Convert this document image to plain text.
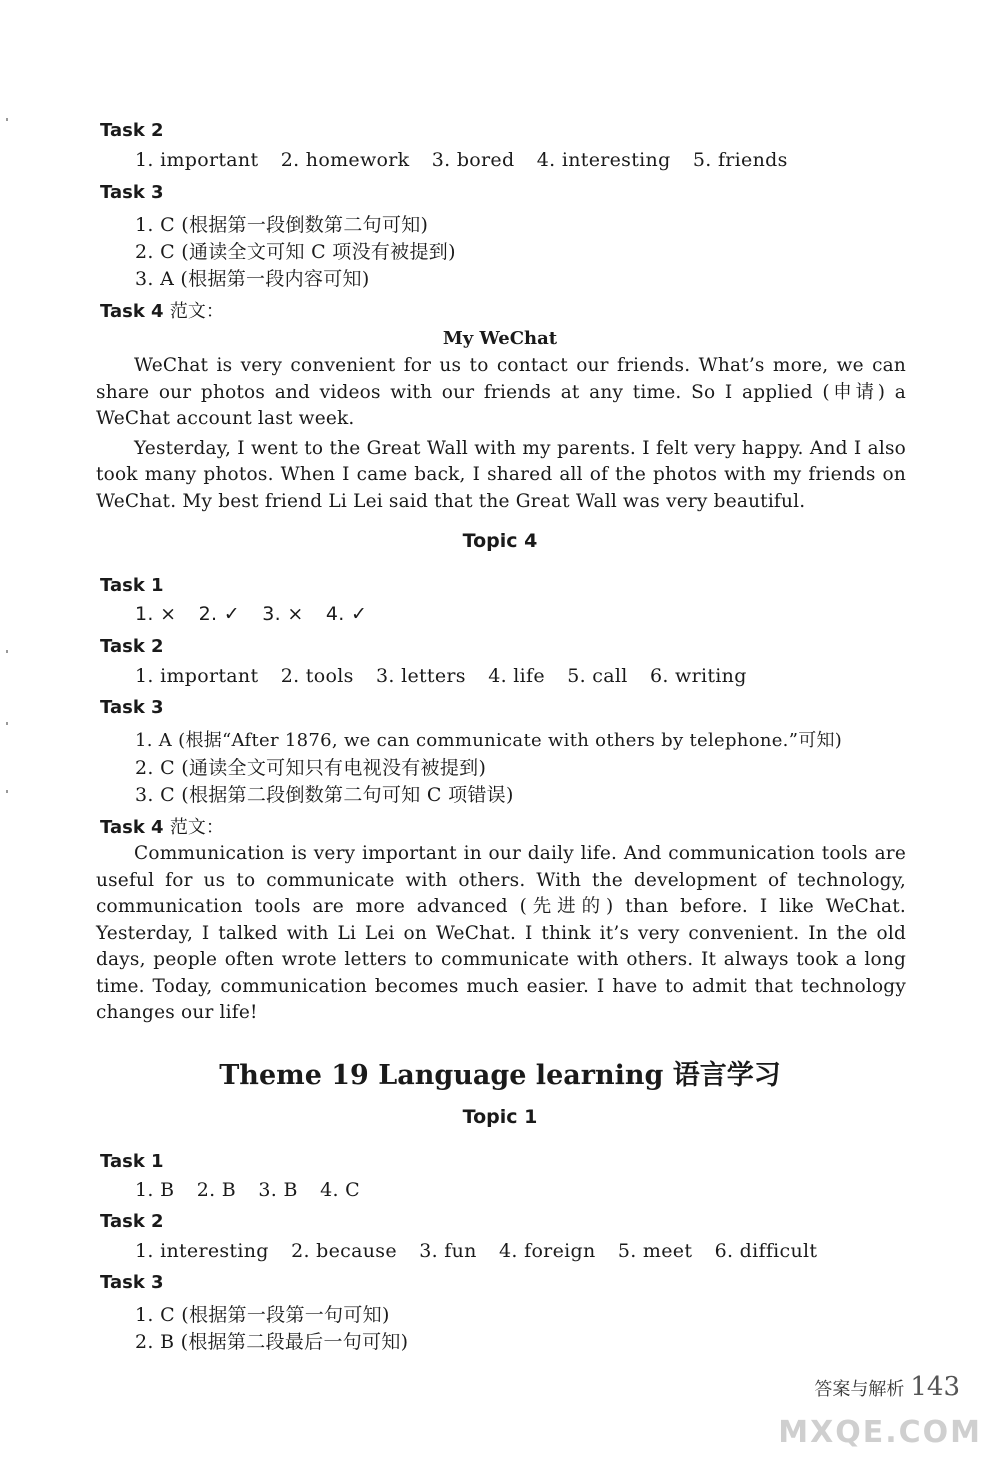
Task 2
1. important 2. homework 3. bored 4. interesting 5. friends
Task 3
1. C (根据第一段倒数第二句可知)
2. C (通读全文可知 C 项没有被提到)
3. A (根据第一段内容可知)
Task 4 范文：
My WeChat

WeChat is very convenient for us to contact our friends. What’s more, we can share our photos and videos with our friends at any time. So I applied (申请) a WeChat account last week.

Yesterday, I went to the Great Wall with my parents. I felt very happy. And I also took many photos. When I came back, I shared all of the photos with my friends on WeChat. My best friend Li Lei said that the Great Wall was very beautiful.

Topic 4
Task 1
1. × 2. ✓ 3. × 4. ✓
Task 2
1. important 2. tools 3. letters 4. life 5. call 6. writing
Task 3
1. A (根据“After 1876, we can communicate with others by telephone.”可知)
2. C (通读全文可知只有电视没有被提到)
3. C (根据第二段倒数第二句可知 C 项错误)
Task 4 范文：

Communication is very important in our daily life. And communication tools are useful for us to communicate with others. With the development of technology, communication tools are more advanced (先进的) than before. I like WeChat. Yesterday, I talked with Li Lei on WeChat. I think it’s very convenient. In the old days, people often wrote letters to communicate with others. It always took a long time. Today, communication becomes much easier. I have to admit that technology changes our life!

Theme 19 Language learning 语言学习
Topic 1
Task 1
1. B 2. B 3. B 4. C
Task 2
1. interesting 2. because 3. fun 4. foreign 5. meet 6. difficult
Task 3
1. C (根据第一段第一句可知)
2. B (根据第二段最后一句可知)
答案与解析 143
MXQE.COM
